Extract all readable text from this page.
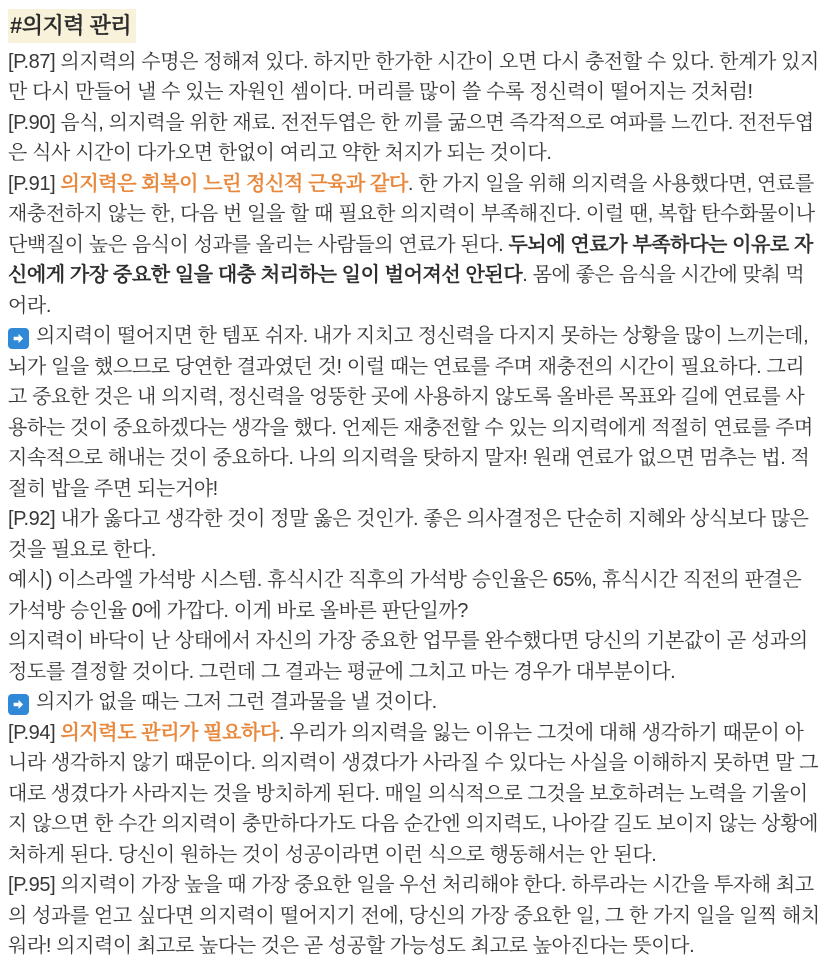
#의지력 관리

[P.87] 의지력의 수명은 정해져 있다. 하지만 한가한 시간이 오면 다시 충전할 수 있다. 한계가 있지만 다시 만들어 낼 수 있는 자원인 셈이다. 머리를 많이 쓸 수록 정신력이 떨어지는 것처럼!

[P.90] 음식, 의지력을 위한 재료. 전전두엽은 한 끼를 굶으면 즉각적으로 여파를 느낀다. 전전두엽은 식사 시간이 다가오면 한없이 여리고 약한 처지가 되는 것이다.

[P.91] 의지력은 회복이 느린 정신적 근육과 같다. 한 가지 일을 위해 의지력을 사용했다면, 연료를 재충전하지 않는 한, 다음 번 일을 할 때 필요한 의지력이 부족해진다. 이럴 땐, 복합 탄수화물이나 단백질이 높은 음식이 성과를 올리는 사람들의 연료가 된다. 두뇌에 연료가 부족하다는 이유로 자신에게 가장 중요한 일을 대충 처리하는 일이 벌어져선 안된다. 몸에 좋은 음식을 시간에 맞춰 먹어라.

의지력이 떨어지면 한 템포 쉬자. 내가 지치고 정신력을 다지지 못하는 상황을 많이 느끼는데, 뇌가 일을 했으므로 당연한 결과였던 것! 이럴 때는 연료를 주며 재충전의 시간이 필요하다. 그리고 중요한 것은 내 의지력, 정신력을 엉뚱한 곳에 사용하지 않도록 올바른 목표와 길에 연료를 사용하는 것이 중요하겠다는 생각을 했다. 언제든 재충전할 수 있는 의지력에게 적절히 연료를 주며 지속적으로 해내는 것이 중요하다. 나의 의지력을 탓하지 말자! 원래 연료가 없으면 멈추는 법. 적절히 밥을 주면 되는거야!

[P.92] 내가 옳다고 생각한 것이 정말 옳은 것인가. 좋은 의사결정은 단순히 지혜와 상식보다 많은 것을 필요로 한다.

예시) 이스라엘 가석방 시스템. 휴식시간 직후의 가석방 승인율은 65%, 휴식시간 직전의 판결은 가석방 승인율 0에 가깝다. 이게 바로 올바른 판단일까?

의지력이 바닥이 난 상태에서 자신의 가장 중요한 업무를 완수했다면 당신의 기본값이 곧 성과의 정도를 결정할 것이다. 그런데 그 결과는 평균에 그치고 마는 경우가 대부분이다.

의지가 없을 때는 그저 그런 결과물을 낼 것이다.

[P.94] 의지력도 관리가 필요하다. 우리가 의지력을 잃는 이유는 그것에 대해 생각하기 때문이 아니라 생각하지 않기 때문이다. 의지력이 생겼다가 사라질 수 있다는 사실을 이해하지 못하면 말 그대로 생겼다가 사라지는 것을 방치하게 된다. 매일 의식적으로 그것을 보호하려는 노력을 기울이지 않으면 한 수간 의지력이 충만하다가도 다음 순간엔 의지력도, 나아갈 길도 보이지 않는 상황에 처하게 된다. 당신이 원하는 것이 성공이라면 이런 식으로 행동해서는 안 된다.

[P.95] 의지력이 가장 높을 때 가장 중요한 일을 우선 처리해야 한다. 하루라는 시간을 투자해 최고의 성과를 얻고 싶다면 의지력이 떨어지기 전에, 당신의 가장 중요한 일, 그 한 가지 일을 일찍 해치워라! 의지력이 최고로 높다는 것은 곧 성공할 가능성도 최고로 높아진다는 뜻이다.
